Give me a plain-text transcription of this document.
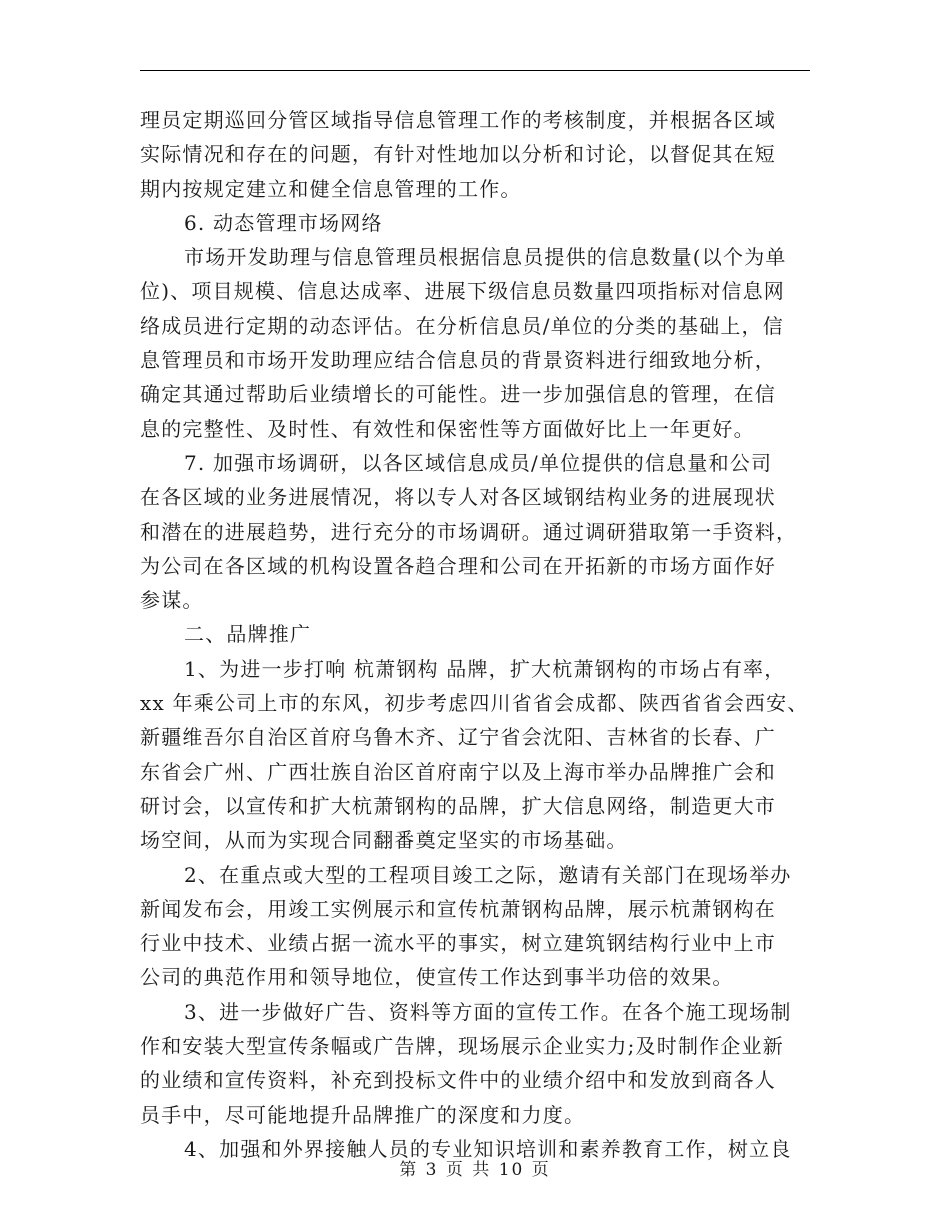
理员定期巡回分管区域指导信息管理工作的考核制度，并根据各区域

实际情况和存在的问题，有针对性地加以分析和讨论，以督促其在短

期内按规定建立和健全信息管理的工作。

6. 动态管理市场网络

市场开发助理与信息管理员根据信息员提供的信息数量(以个为单

位)、项目规模、信息达成率、进展下级信息员数量四项指标对信息网

络成员进行定期的动态评估。在分析信息员/单位的分类的基础上，信

息管理员和市场开发助理应结合信息员的背景资料进行细致地分析，

确定其通过帮助后业绩增长的可能性。进一步加强信息的管理，在信

息的完整性、及时性、有效性和保密性等方面做好比上一年更好。

7. 加强市场调研，以各区域信息成员/单位提供的信息量和公司

在各区域的业务进展情况，将以专人对各区域钢结构业务的进展现状

和潜在的进展趋势，进行充分的市场调研。通过调研猎取第一手资料，

为公司在各区域的机构设置各趋合理和公司在开拓新的市场方面作好

参谋。

二、品牌推广

1、为进一步打响 杭萧钢构 品牌，扩大杭萧钢构的市场占有率，

xx 年乘公司上市的东风，初步考虑四川省省会成都、陕西省省会西安、

新疆维吾尔自治区首府乌鲁木齐、辽宁省会沈阳、吉林省的长春、广

东省会广州、广西壮族自治区首府南宁以及上海市举办品牌推广会和

研讨会，以宣传和扩大杭萧钢构的品牌，扩大信息网络，制造更大市

场空间，从而为实现合同翻番奠定坚实的市场基础。

2、在重点或大型的工程项目竣工之际，邀请有关部门在现场举办

新闻发布会，用竣工实例展示和宣传杭萧钢构品牌，展示杭萧钢构在

行业中技术、业绩占据一流水平的事实，树立建筑钢结构行业中上市

公司的典范作用和领导地位，使宣传工作达到事半功倍的效果。

3、进一步做好广告、资料等方面的宣传工作。在各个施工现场制

作和安装大型宣传条幅或广告牌，现场展示企业实力;及时制作企业新

的业绩和宣传资料，补充到投标文件中的业绩介绍中和发放到商各人

员手中，尽可能地提升品牌推广的深度和力度。

4、加强和外界接触人员的专业知识培训和素养教育工作，树立良

第 3 页 共 10 页
